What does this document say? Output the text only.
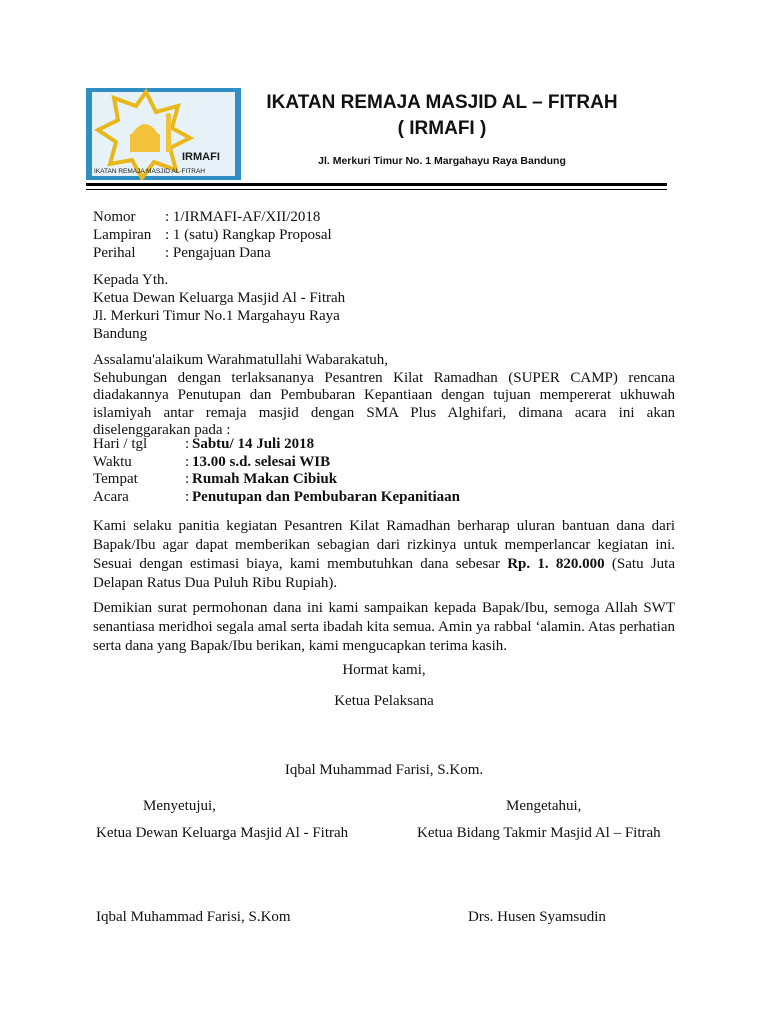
IRMAFI
IKATAN REMAJA MASJID AL-FITRAH
IKATAN REMAJA MASJID AL – FITRAH
( IRMAFI )
Jl. Merkuri Timur No. 1 Margahayu Raya Bandung
Nomor	: 1/IRMAFI-AF/XII/2018
Lampiran : 1 (satu) Rangkap Proposal
Perihal	: Pengajuan Dana
Kepada Yth.
Ketua Dewan Keluarga Masjid Al - Fitrah
Jl. Merkuri Timur No.1 Margahayu Raya
Bandung
Assalamu'alaikum Warahmatullahi Wabarakatuh,
Sehubungan dengan terlaksananya Pesantren Kilat Ramadhan (SUPER CAMP) rencana diadakannya Penutupan dan Pembubaran Kepantiaan dengan tujuan mempererat ukhuwah islamiyah antar remaja masjid dengan SMA Plus Alghifari, dimana acara ini akan diselenggarakan pada :
Hari / tgl	: Sabtu/ 14 Juli 2018
Waktu	: 13.00 s.d. selesai WIB
Tempat	: Rumah Makan Cibiuk
Acara	: Penutupan dan Pembubaran Kepanitiaan
Kami selaku panitia kegiatan Pesantren Kilat Ramadhan berharap uluran bantuan dana dari Bapak/Ibu agar dapat memberikan sebagian dari rizkinya untuk memperlancar kegiatan ini. Sesuai dengan estimasi biaya, kami membutuhkan dana sebesar Rp. 1. 820.000 (Satu Juta Delapan Ratus Dua Puluh Ribu Rupiah).
Demikian surat permohonan dana ini kami sampaikan kepada Bapak/Ibu, semoga Allah SWT senantiasa meridhoi segala amal serta ibadah kita semua. Amin ya rabbal ‘alamin. Atas perhatian serta dana yang Bapak/Ibu berikan, kami mengucapkan terima kasih.
Hormat kami,
Ketua Pelaksana
Iqbal Muhammad Farisi, S.Kom.
Menyetujui,	Mengetahui,
Ketua Dewan Keluarga Masjid Al - Fitrah	Ketua Bidang Takmir Masjid Al – Fitrah
Iqbal Muhammad Farisi, S.Kom	Drs. Husen Syamsudin
